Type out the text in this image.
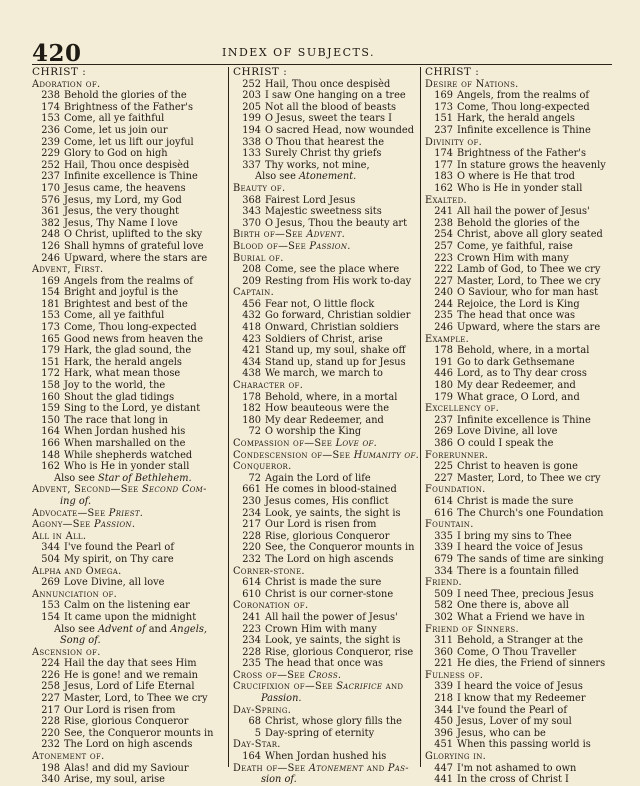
420	INDEX OF SUBJECTS.
CHRIST :
Adoration of.
238 Behold the glories of the
174 Brightness of the Father's
153 Come, all ye faithful
236 Come, let us join our
239 Come, let us lift our joyful
229 Glory to God on high
252 Hail, Thou once despisèd
237 Infinite excellence is Thine
170 Jesus came, the heavens
576 Jesus, my Lord, my God
361 Jesus, the very thought
382 Jesus, Thy Name I love
248 O Christ, uplifted to the sky
126 Shall hymns of grateful love
246 Upward, where the stars are
Advent, First.
169 Angels from the realms of
154 Bright and joyful is the
181 Brightest and best of the
153 Come, all ye faithful
173 Come, Thou long-expected
165 Good news from heaven the
179 Hark, the glad sound, the
151 Hark, the herald angels
172 Hark, what mean those
158 Joy to the world, the
160 Shout the glad tidings
159 Sing to the Lord, ye distant
150 The race that long in
164 When Jordan hushed his
166 When marshalled on the
148 While shepherds watched
162 Who is He in yonder stall
Also see Star of Bethlehem.
Advent, Second—See Second Com-
ing of.
Advocate—See Priest.
Agony—See Passion.
All in All.
344 I've found the Pearl of
504 My spirit, on Thy care
Alpha and Omega.
269 Love Divine, all love
Annunciation of.
153 Calm on the listening ear
154 It came upon the midnight
Also see Advent of and Angels,
Song of.
Ascension of.
224 Hail the day that sees Him
226 He is gone! and we remain
258 Jesus, Lord of Life Eternal
227 Master, Lord, to Thee we cry
217 Our Lord is risen from
228 Rise, glorious Conqueror
220 See, the Conqueror mounts in
232 The Lord on high ascends
Atonement of.
198 Alas! and did my Saviour
340 Arise, my soul, arise
CHRIST :
252 Hail, Thou once despisèd
203 I saw One hanging on a tree
205 Not all the blood of beasts
199 O Jesus, sweet the tears I
194 O sacred Head, now wounded
338 O Thou that hearest the
133 Surely Christ thy griefs
337 Thy works, not mine,
Also see Atonement.
Beauty of.
368 Fairest Lord Jesus
343 Majestic sweetness sits
370 O Jesus, Thou the beauty art
Birth of—See Advent.
Blood of—See Passion.
Burial of.
208 Come, see the place where
209 Resting from His work to-day
Captain.
456 Fear not, O little flock
432 Go forward, Christian soldier
418 Onward, Christian soldiers
423 Soldiers of Christ, arise
421 Stand up, my soul, shake off
434 Stand up, stand up for Jesus
438 We march, we march to
Character of.
178 Behold, where, in a mortal
182 How beauteous were the
180 My dear Redeemer, and
72 O worship the King
Compassion of—See Love of.
Condescension of—See Humanity of.
Conqueror.
72 Again the Lord of life
661 He comes in blood-stained
230 Jesus comes, His conflict
234 Look, ye saints, the sight is
217 Our Lord is risen from
228 Rise, glorious Conqueror
220 See, the Conqueror mounts in
232 The Lord on high ascends
Corner-stone.
614 Christ is made the sure
610 Christ is our corner-stone
Coronation of.
241 All hail the power of Jesus'
223 Crown Him with many
234 Look, ye saints, the sight is
228 Rise, glorious Conqueror, rise
235 The head that once was
Cross of—See Cross.
Crucifixion of—See Sacrifice and
Passion.
Day-Spring.
68 Christ, whose glory fills the
5 Day-spring of eternity
Day-Star.
164 When Jordan hushed his
Death of—See Atonement and Pas-
sion of.
CHRIST :
Desire of Nations.
169 Angels, from the realms of
173 Come, Thou long-expected
151 Hark, the herald angels
237 Infinite excellence is Thine
Divinity of.
174 Brightness of the Father's
177 In stature grows the heavenly
183 O where is He that trod
162 Who is He in yonder stall
Exalted.
241 All hail the power of Jesus'
238 Behold the glories of the
254 Christ, above all glory seated
257 Come, ye faithful, raise
223 Crown Him with many
222 Lamb of God, to Thee we cry
227 Master, Lord, to Thee we cry
240 O Saviour, who for man hast
244 Rejoice, the Lord is King
235 The head that once was
246 Upward, where the stars are
Example.
178 Behold, where, in a mortal
191 Go to dark Gethsemane
446 Lord, as to Thy dear cross
180 My dear Redeemer, and
179 What grace, O Lord, and
Excellency of.
237 Infinite excellence is Thine
269 Love Divine, all love
386 O could I speak the
Forerunner.
225 Christ to heaven is gone
227 Master, Lord, to Thee we cry
Foundation.
614 Christ is made the sure
616 The Church's one Foundation
Fountain.
335 I bring my sins to Thee
339 I heard the voice of Jesus
679 The sands of time are sinking
334 There is a fountain filled
Friend.
509 I need Thee, precious Jesus
582 One there is, above all
302 What a Friend we have in
Friend of Sinners.
311 Behold, a Stranger at the
360 Come, O Thou Traveller
221 He dies, the Friend of sinners
Fulness of.
339 I heard the voice of Jesus
218 I know that my Redeemer
344 I've found the Pearl of
450 Jesus, Lover of my soul
396 Jesus, who can be
451 When this passing world is
Glorying in.
447 I'm not ashamed to own
441 In the cross of Christ I
